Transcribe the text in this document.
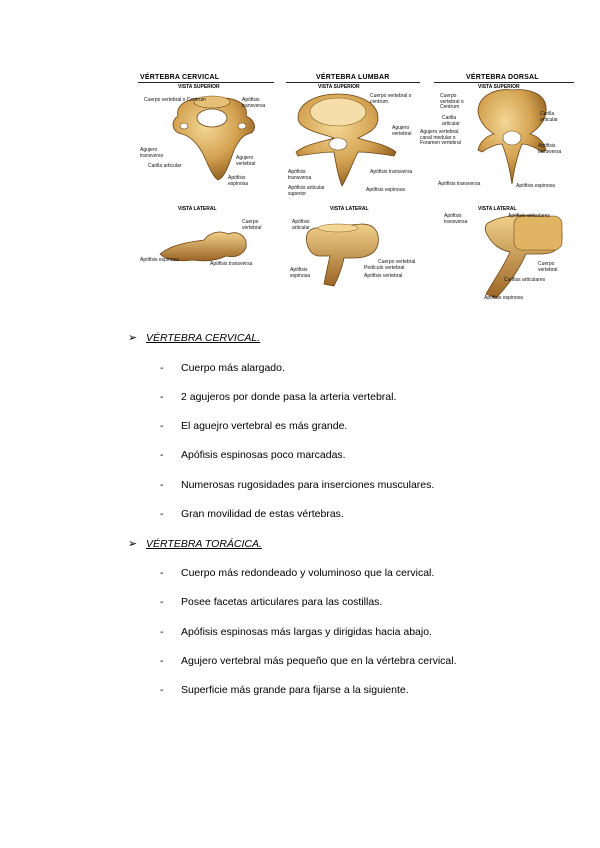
VÉRTEBRA CERVICAL
VISTA SUPERIOR
Cuerpo vertebral o Centrum	Apófisis transversa
Agujero transverso
Carilla articular
Agujero vertebral
Apófisis espinosa
VISTA LATERAL
Cuerpo vertebral
Apófisis espinosa
Apófisis transversa
VÉRTEBRA LUMBAR
VISTA SUPERIOR
Cuerpo vertebral o centrum
Agujero vertebral
Apófisis transversa
Apófisis transversa
Apófisis articular superior
Apófisis espinosa
VISTA LATERAL
Apófisis articular
Apófisis espinosa
Cuerpo vertebral
Pedículo vertebral
Apófisis vertebral
VÉRTEBRA DORSAL
VISTA SUPERIOR
Cuerpo vertebral o Centrum
Carilla articular
Carilla articular
Agujero vertebral, canal medular o Foramen vertebral	Apófisis transversa
Apófisis transversa	Apófisis espinosa
VISTA LATERAL
Apófisis transversa
Apófisis articulares
Cuerpo vertebral
Carillas articulares
Apófisis espinosa
➢ VÉRTEBRA CERVICAL.
- Cuerpo más alargado.
- 2 agujeros por donde pasa la arteria vertebral.
- El aguejro vertebral es más grande.
- Apófisis espinosas poco marcadas.
- Numerosas rugosidades para inserciones musculares.
- Gran movilidad de estas vértebras.
➢ VÉRTEBRA TORÁCICA.
- Cuerpo más redondeado y voluminoso que la cervical.
- Posee facetas articulares para las costillas.
- Apófisis espinosas más largas y dirigidas hacia abajo.
- Agujero vertebral más pequeño que en la vértebra cervical.
- Superficie más grande para fijarse a la siguiente.
